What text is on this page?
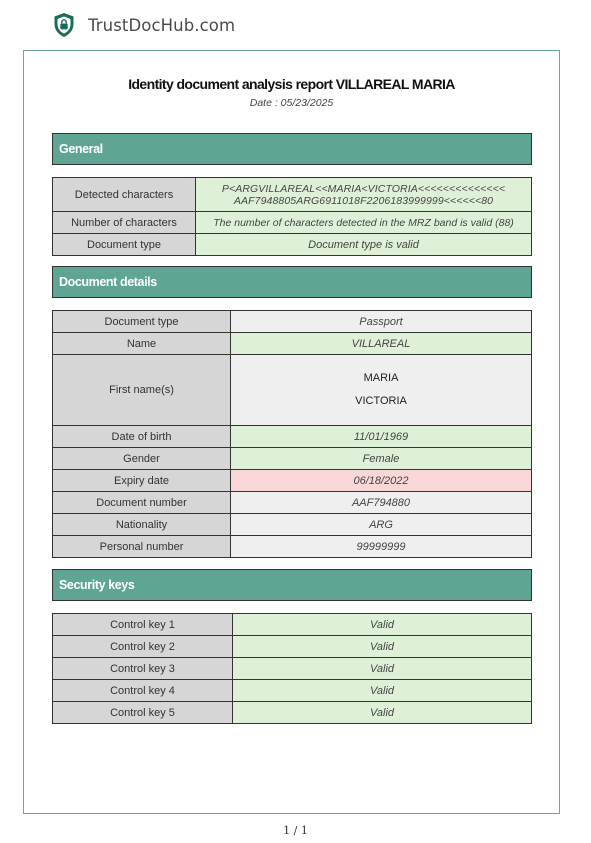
TrustDocHub.com
Identity document analysis report VILLAREAL MARIA
Date : 05/23/2025
General
Detected characters	P<ARGVILLAREAL<<MARIA<VICTORIA<<<<<<<<<<<<<<
AAF7948805ARG6911018F2206183999999<<<<<<80

Number of characters	The number of characters detected in the MRZ band is valid (88)
Document type	Document type is valid
Document details
Document type	Passport
Name	VILLAREAL
First name(s)	MARIA
VICTORIA

Date of birth	11/01/1969
Gender	Female
Expiry date	06/18/2022
Document number	AAF794880
Nationality	ARG
Personal number	99999999
Security keys
Control key 1	Valid
Control key 2	Valid
Control key 3	Valid
Control key 4	Valid
Control key 5	Valid
1 / 1
